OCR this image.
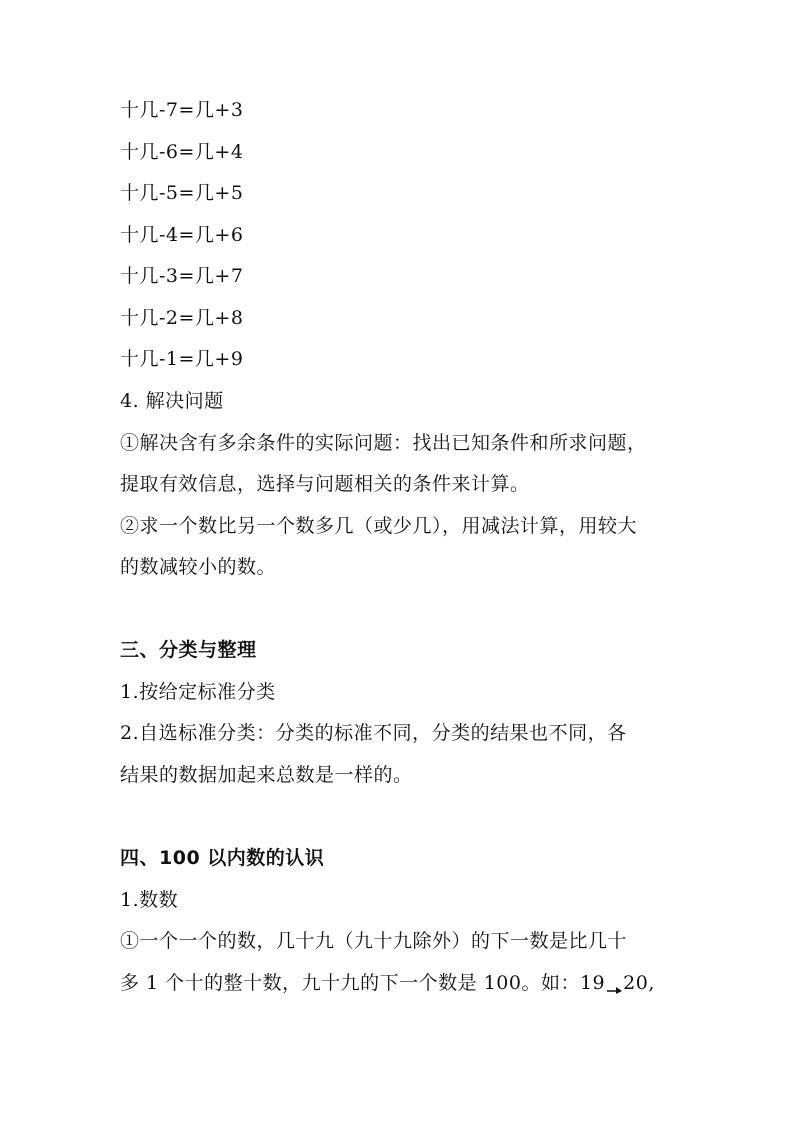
十几-7=几+3
十几-6=几+4
十几-5=几+5
十几-4=几+6
十几-3=几+7
十几-2=几+8
十几-1=几+9
4. 解决问题
①解决含有多余条件的实际问题：找出已知条件和所求问题，
提取有效信息，选择与问题相关的条件来计算。
②求一个数比另一个数多几（或少几），用减法计算，用较大
的数减较小的数。
三、分类与整理
1.按给定标准分类
2.自选标准分类：分类的标准不同，分类的结果也不同，各
结果的数据加起来总数是一样的。
四、100 以内数的认识
1.数数
①一个一个的数，几十九（九十九除外）的下一数是比几十
多 1 个十的整十数，九十九的下一个数是 100。如：19 20,
